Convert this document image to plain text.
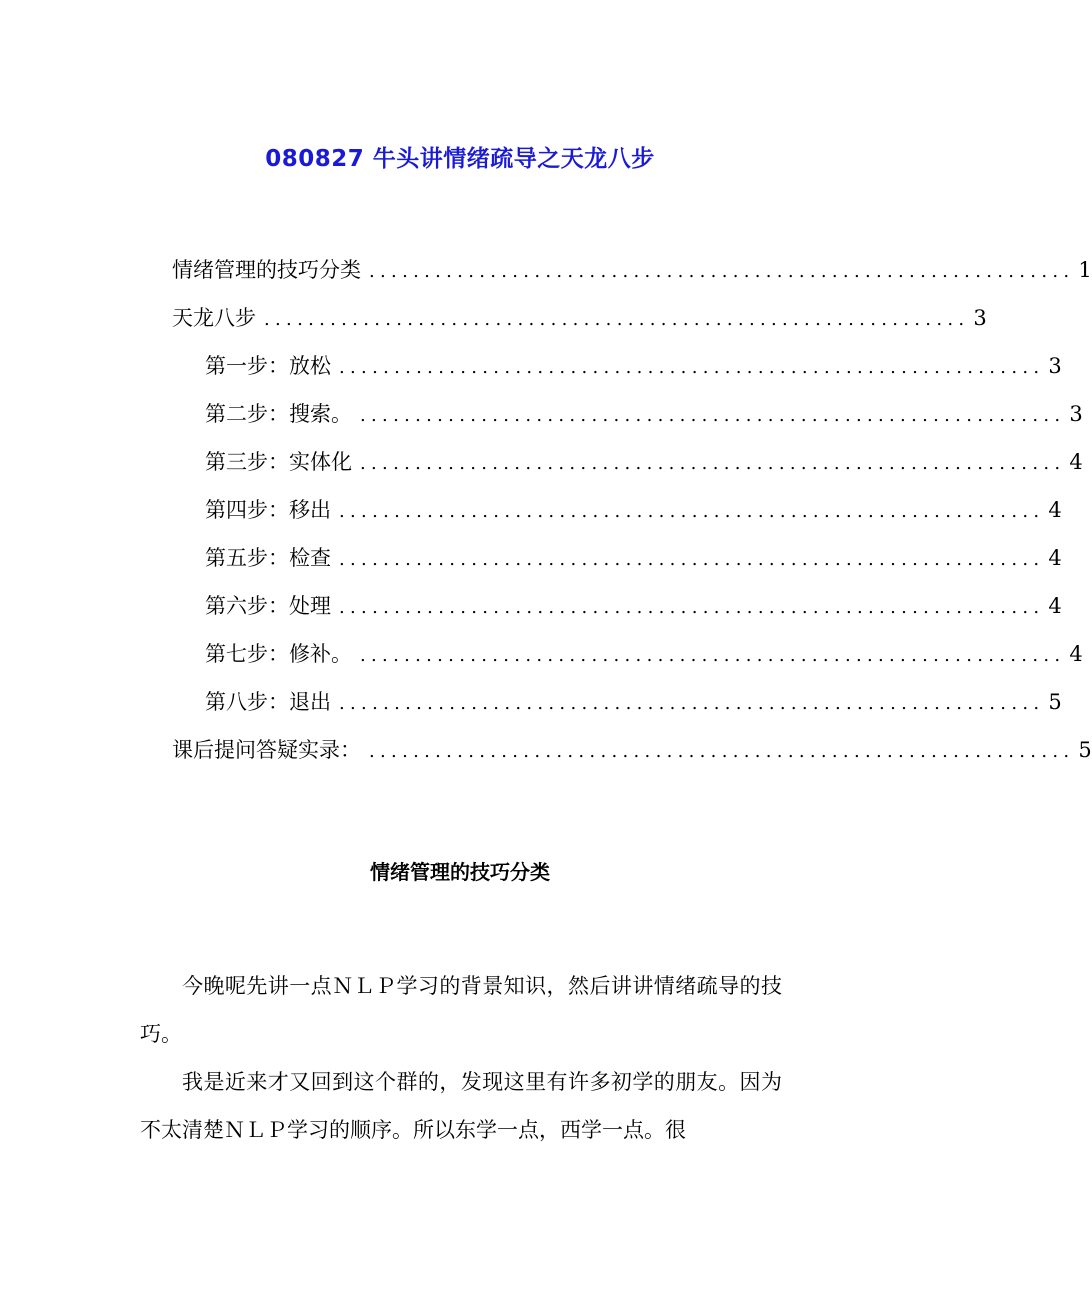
080827 牛头讲情绪疏导之天龙八步
情绪管理的技巧分类 ................................................................ 1
天龙八步 ................................................................ 3
第一步：放松 ................................................................ 3
第二步：搜索。 ................................................................ 3
第三步：实体化 ................................................................ 4
第四步：移出 ................................................................ 4
第五步：检查 ................................................................ 4
第六步：处理 ................................................................ 4
第七步：修补。 ................................................................ 4
第八步：退出 ................................................................ 5
课后提问答疑实录： ................................................................ 5
情绪管理的技巧分类

今晚呢先讲一点ＮＬＰ学习的背景知识，然后讲讲情绪疏导的技巧。

我是近来才又回到这个群的，发现这里有许多初学的朋友。因为不太清楚ＮＬＰ学习的顺序。所以东学一点，西学一点。很
